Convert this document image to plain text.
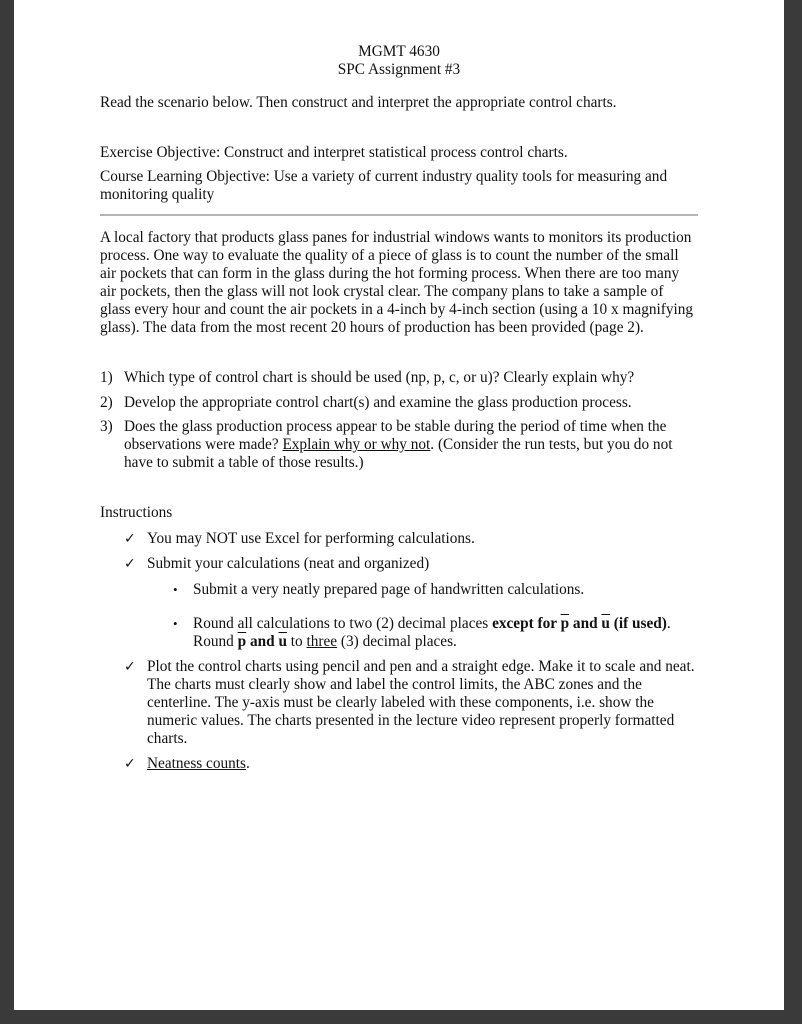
MGMT 4630
SPC Assignment #3
Read the scenario below. Then construct and interpret the appropriate control charts.
Exercise Objective: Construct and interpret statistical process control charts.
Course Learning Objective: Use a variety of current industry quality tools for measuring and
monitoring quality
A local factory that products glass panes for industrial windows wants to monitors its production
process. One way to evaluate the quality of a piece of glass is to count the number of the small
air pockets that can form in the glass during the hot forming process. When there are too many
air pockets, then the glass will not look crystal clear. The company plans to take a sample of
glass every hour and count the air pockets in a 4-inch by 4-inch section (using a 10 x magnifying
glass). The data from the most recent 20 hours of production has been provided (page 2).
1) Which type of control chart is should be used (np, p, c, or u)? Clearly explain why?
2) Develop the appropriate control chart(s) and examine the glass production process.
3) Does the glass production process appear to be stable during the period of time when the
observations were made? Explain why or why not. (Consider the run tests, but you do not
have to submit a table of those results.)
Instructions
✓ You may NOT use Excel for performing calculations.
✓ Submit your calculations (neat and organized)
• Submit a very neatly prepared page of handwritten calculations.
• Round all calculations to two (2) decimal places except for $\overline{p}$ and $\overline{u}$ (if used).
Round $\overline{p}$ and $\overline{u}$ to three (3) decimal places.
✓ Plot the control charts using pencil and pen and a straight edge. Make it to scale and neat.
The charts must clearly show and label the control limits, the ABC zones and the
centerline. The y-axis must be clearly labeled with these components, i.e. show the
numeric values. The charts presented in the lecture video represent properly formatted
charts.
✓ Neatness counts.
